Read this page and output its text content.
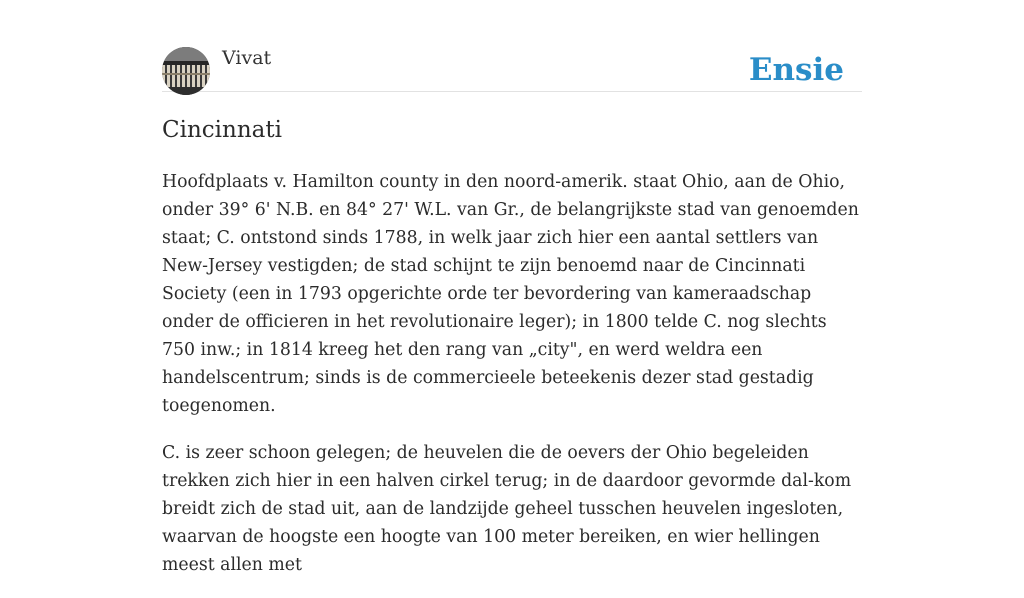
Vivat	Ensie
Cincinnati

Hoofdplaats v. Hamilton county in den noord-amerik. staat Ohio, aan de Ohio, onder 39° 6' N.B. en 84° 27' W.L. van Gr., de belangrijkste stad van genoemden staat; C. ontstond sinds 1788, in welk jaar zich hier een aantal settlers van New-Jersey vestigden; de stad schijnt te zijn benoemd naar de Cincinnati Society (een in 1793 opgerichte orde ter bevordering van kameraadschap onder de officieren in het revolutionaire leger); in 1800 telde C. nog slechts 750 inw.; in 1814 kreeg het den rang van „city", en werd weldra een handelscentrum; sinds is de commercieele beteekenis dezer stad gestadig toegenomen.

C. is zeer schoon gelegen; de heuvelen die de oevers der Ohio begeleiden trekken zich hier in een halven cirkel terug; in de daardoor gevormde dal-kom breidt zich de stad uit, aan de landzijde geheel tusschen heuvelen ingesloten, waarvan de hoogste een hoogte van 100 meter bereiken, en wier hellingen meest allen met
